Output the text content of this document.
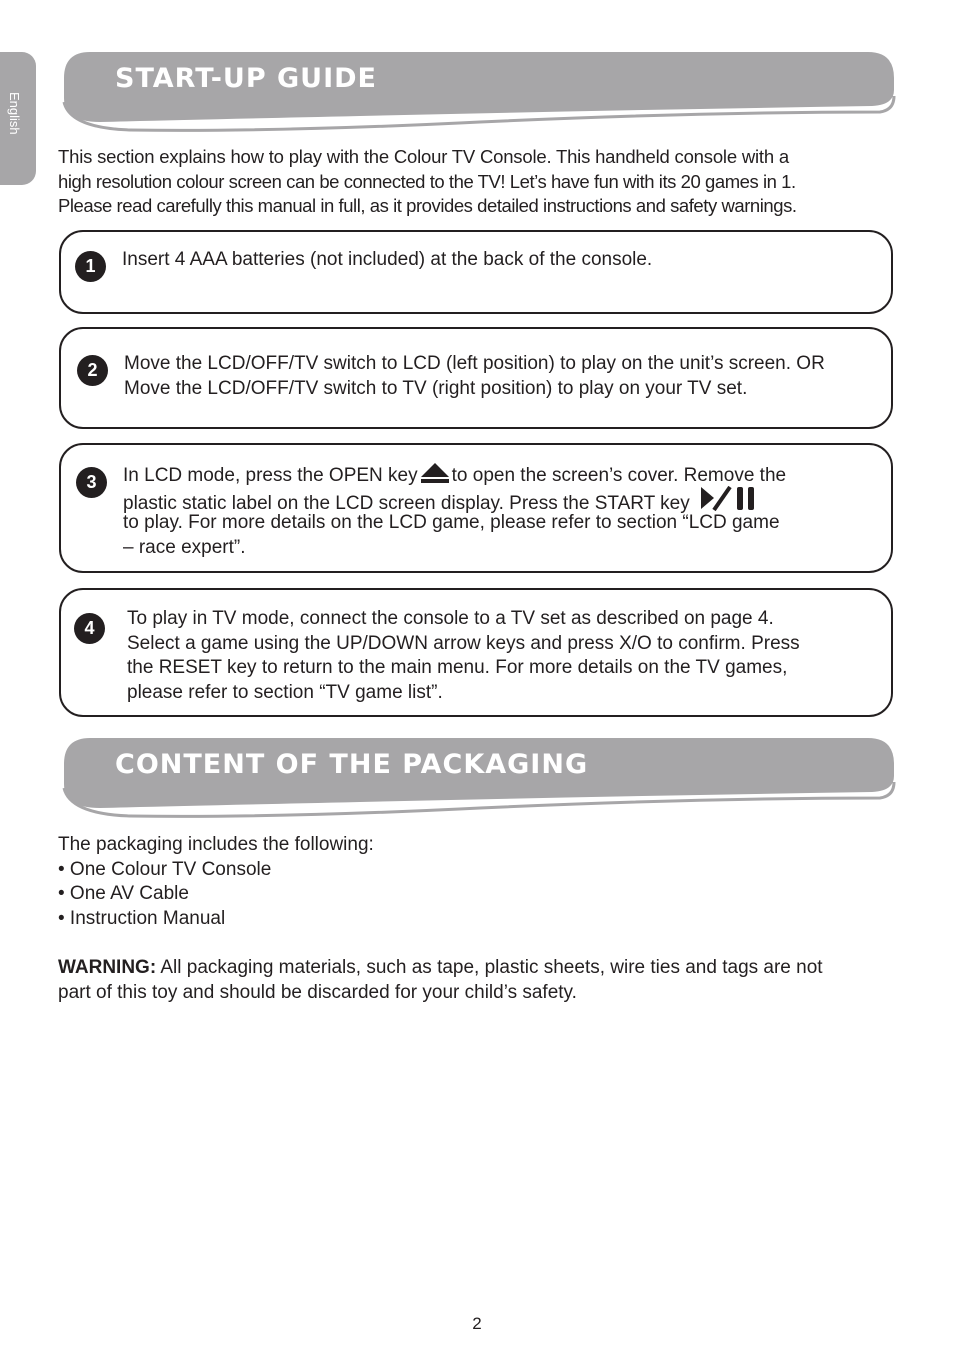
English
START-UP GUIDE
This section explains how to play with the Colour TV Console. This handheld console with a
high resolution colour screen can be connected to the TV! Let’s have fun with its 20 games in 1.
Please read carefully this manual in full, as it provides detailed instructions and safety warnings.
1	Insert 4 AAA batteries (not included) at the back of the console.
2	Move the LCD/OFF/TV switch to LCD (left position) to play on the unit’s screen. OR
Move the LCD/OFF/TV switch to TV (right position) to play on your TV set.
3	In LCD mode, press the OPEN key to open the screen’s cover. Remove the
plastic static label on the LCD screen display. Press the START key
to play. For more details on the LCD game, please refer to section “LCD game
– race expert”.
4	To play in TV mode, connect the console to a TV set as described on page 4.
Select a game using the UP/DOWN arrow keys and press X/O to confirm. Press
the RESET key to return to the main menu. For more details on the TV games,
please refer to section “TV game list”.
CONTENT OF THE PACKAGING

The packaging includes the following:

• One Colour TV Console

• One AV Cable

• Instruction Manual

WARNING: All packaging materials, such as tape, plastic sheets, wire ties and tags are not
part of this toy and should be discarded for your child’s safety.
2
